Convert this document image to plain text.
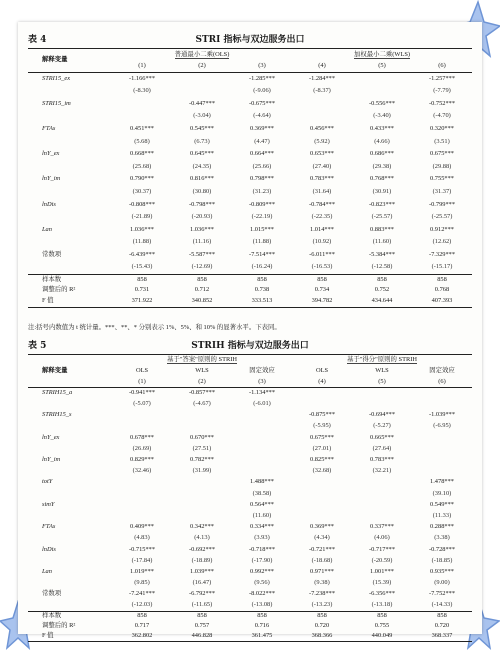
表 4	STRI 指标与双边服务出口
解释变量	普通最小二乘(OLS)			加权最小二乘(WLS)		
	(1)	(2)	(3)	(4)	(5)	(6)
STRI15_ex	-1.166***		-1.285***	-1.284***		-1.257***
	(-8.30)		(-9.06)	(-8.37)		(-7.79)
STRI15_im		-0.447***	-0.675***		-0.556***	-0.752***
		(-3.04)	(-4.64)		(-3.40)	(-4.70)
FTAs	0.451***	0.545***	0.369***	0.456***	0.433***	0.320***
	(5.68)	(6.73)	(4.47)	(5.92)	(4.66)	(3.51)
lnY_ex	0.668***	0.645***	0.664***	0.653***	0.686***	0.675***
	(25.68)	(24.35)	(25.66)	(27.40)	(29.38)	(29.88)
lnY_im	0.790***	0.816***	0.798***	0.783***	0.768***	0.755***
	(30.37)	(30.80)	(31.23)	(31.64)	(30.91)	(31.37)
lnDis	-0.808***	-0.798***	-0.809***	-0.784***	-0.823***	-0.799***
	(-21.89)	(-20.93)	(-22.19)	(-22.35)	(-25.57)	(-25.57)
Lan	1.036***	1.036***	1.015***	1.014***	0.883***	0.912***
	(11.88)	(11.16)	(11.88)	(10.92)	(11.60)	(12.62)
常数项	-6.439***	-5.587***	-7.514***	-6.011***	-5.384***	-7.329***
	(-15.43)	(-12.69)	(-16.24)	(-16.53)	(-12.58)	(-15.17)
样本数	858	858	858	858	858	858
调整后的 R²	0.731	0.712	0.738	0.734	0.752	0.768
F 值	371.922	340.852	333.513	394.782	434.644	407.393
注:括号内数值为 t 统计量。***、**、* 分别表示 1%、5%、和 10% 的显著水平。下表同。
表 5	STRIH 指标与双边服务出口
解释变量	基于"答案"原则的 STRIH			基于"得分"原则的 STRIH		
	OLS	WLS	固定效应	OLS	WLS	固定效应
	(1)	(2)	(3)	(4)	(5)	(6)
STRIH15_a	-0.941***	-0.857***	-1.134***			
	(-5.07)	(-4.67)	(-6.01)			
STRIH15_s				-0.875***	-0.694***	-1.039***
				(-5.95)	(-5.27)	(-6.95)
lnY_ex	0.678***	0.670***		0.675***	0.665***	
	(26.69)	(27.51)		(27.01)	(27.64)	
lnY_im	0.829***	0.782***		0.825***	0.783***	
	(32.46)	(31.99)		(32.68)	(32.21)	
totY			1.488***			1.478***
			(38.58)			(39.10)
simY			0.564***			0.549***
			(11.60)			(11.33)
FTAs	0.409***	0.342***	0.334***	0.369***	0.337***	0.288***
	(4.83)	(4.13)	(3.93)	(4.34)	(4.06)	(3.38)
lnDis	-0.715***	-0.692***	-0.718***	-0.721***	-0.717***	-0.728***
	(-17.84)	(-18.89)	(-17.90)	(-18.68)	(-20.59)	(-18.85)
Lan	1.019***	1.039***	0.992***	0.971***	1.001***	0.935***
	(9.85)	(16.47)	(9.56)	(9.38)	(15.39)	(9.00)
常数项	-7.241***	-6.792***	-8.022***	-7.238***	-6.356***	-7.752***
	(-12.03)	(-11.65)	(-13.08)	(-13.23)	(-13.18)	(-14.33)
样本数	858	858	858	858	858	858
调整后的 R²	0.717	0.757	0.716	0.720	0.755	0.720
F 值	362.802	446.828	361.475	368.366	440.049	368.337
